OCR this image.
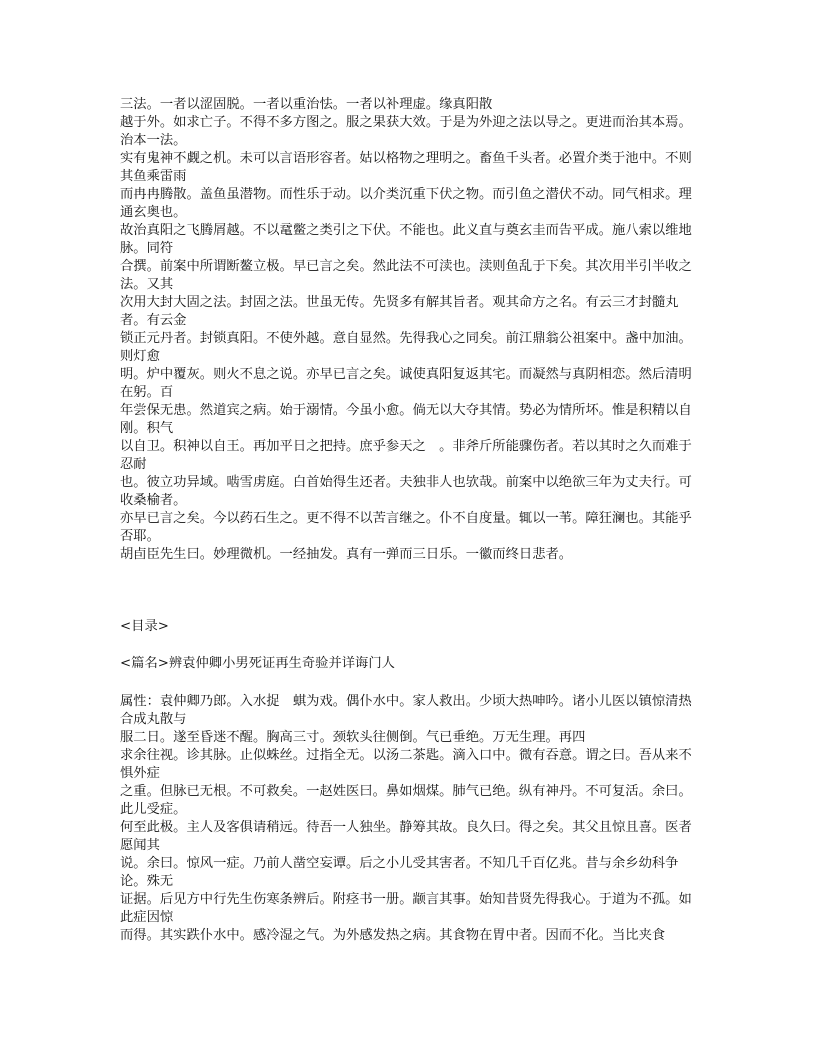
三法。一者以涩固脱。一者以重治怯。一者以补理虚。缘真阳散

越于外。如求亡子。不得不多方图之。服之果获大效。于是为外迎之法以导之。更进而治其本焉。治本一法。

实有鬼神不觑之机。未可以言语形容者。姑以格物之理明之。畜鱼千头者。必置介类于池中。不则其鱼乘雷雨

而冉冉腾散。盖鱼虽潜物。而性乐于动。以介类沉重下伏之物。而引鱼之潜伏不动。同气相求。理通玄奥也。

故治真阳之飞腾屑越。不以鼋鳖之类引之下伏。不能也。此义直与奠玄圭而告平成。施八索以维地脉。同符

合撰。前案中所谓断鳌立极。早已言之矣。然此法不可渎也。渎则鱼乱于下矣。其次用半引半收之法。又其

次用大封大固之法。封固之法。世虽无传。先贤多有解其旨者。观其命方之名。有云三才封髓丸者。有云金

锁正元丹者。封锁真阳。不使外越。意自显然。先得我心之同矣。前江鼎翁公祖案中。盏中加油。则灯愈

明。炉中覆灰。则火不息之说。亦早已言之矣。诚使真阳复返其宅。而凝然与真阴相恋。然后清明在躬。百

年尝保无患。然道宾之病。始于溺情。今虽小愈。倘无以大夺其情。势必为情所坏。惟是积精以自刚。积气

以自卫。积神以自王。再加平日之把持。庶乎参天之　。非斧斤所能骤伤者。若以其时之久而难于忍耐

也。彼立功异域。啮雪虏庭。白首始得生还者。夫独非人也欤哉。前案中以绝欲三年为丈夫行。可收桑榆者。

亦早已言之矣。今以药石生之。更不得不以苦言继之。仆不自度量。辄以一苇。障狂澜也。其能乎否耶。

胡卣臣先生曰。妙理微机。一经抽发。真有一弹而三日乐。一徽而终日悲者。

<目录>

<篇名>辨袁仲卿小男死证再生奇验并详诲门人

属性：袁仲卿乃郎。入水捉　蜞为戏。偶仆水中。家人救出。少顷大热呻吟。诸小儿医以镇惊清热合成丸散与

服二日。遂至昏迷不醒。胸高三寸。颈软头往侧倒。气已垂绝。万无生理。再四

求余往视。诊其脉。止似蛛丝。过指全无。以汤二茶匙。滴入口中。微有吞意。谓之曰。吾从来不惧外症

之重。但脉已无根。不可救矣。一赵姓医曰。鼻如烟煤。肺气已绝。纵有神丹。不可复活。余曰。此儿受症。

何至此极。主人及客俱请稍远。待吾一人独坐。静筹其故。良久曰。得之矣。其父且惊且喜。医者愿闻其

说。余曰。惊风一症。乃前人凿空妄谭。后之小儿受其害者。不知几千百亿兆。昔与余乡幼科争论。殊无

证据。后见方中行先生伤寒条辨后。附痉书一册。颛言其事。始知昔贤先得我心。于道为不孤。如此症因惊

而得。其实跌仆水中。感冷湿之气。为外感发热之病。其食物在胃中者。因而不化。当比夹食
